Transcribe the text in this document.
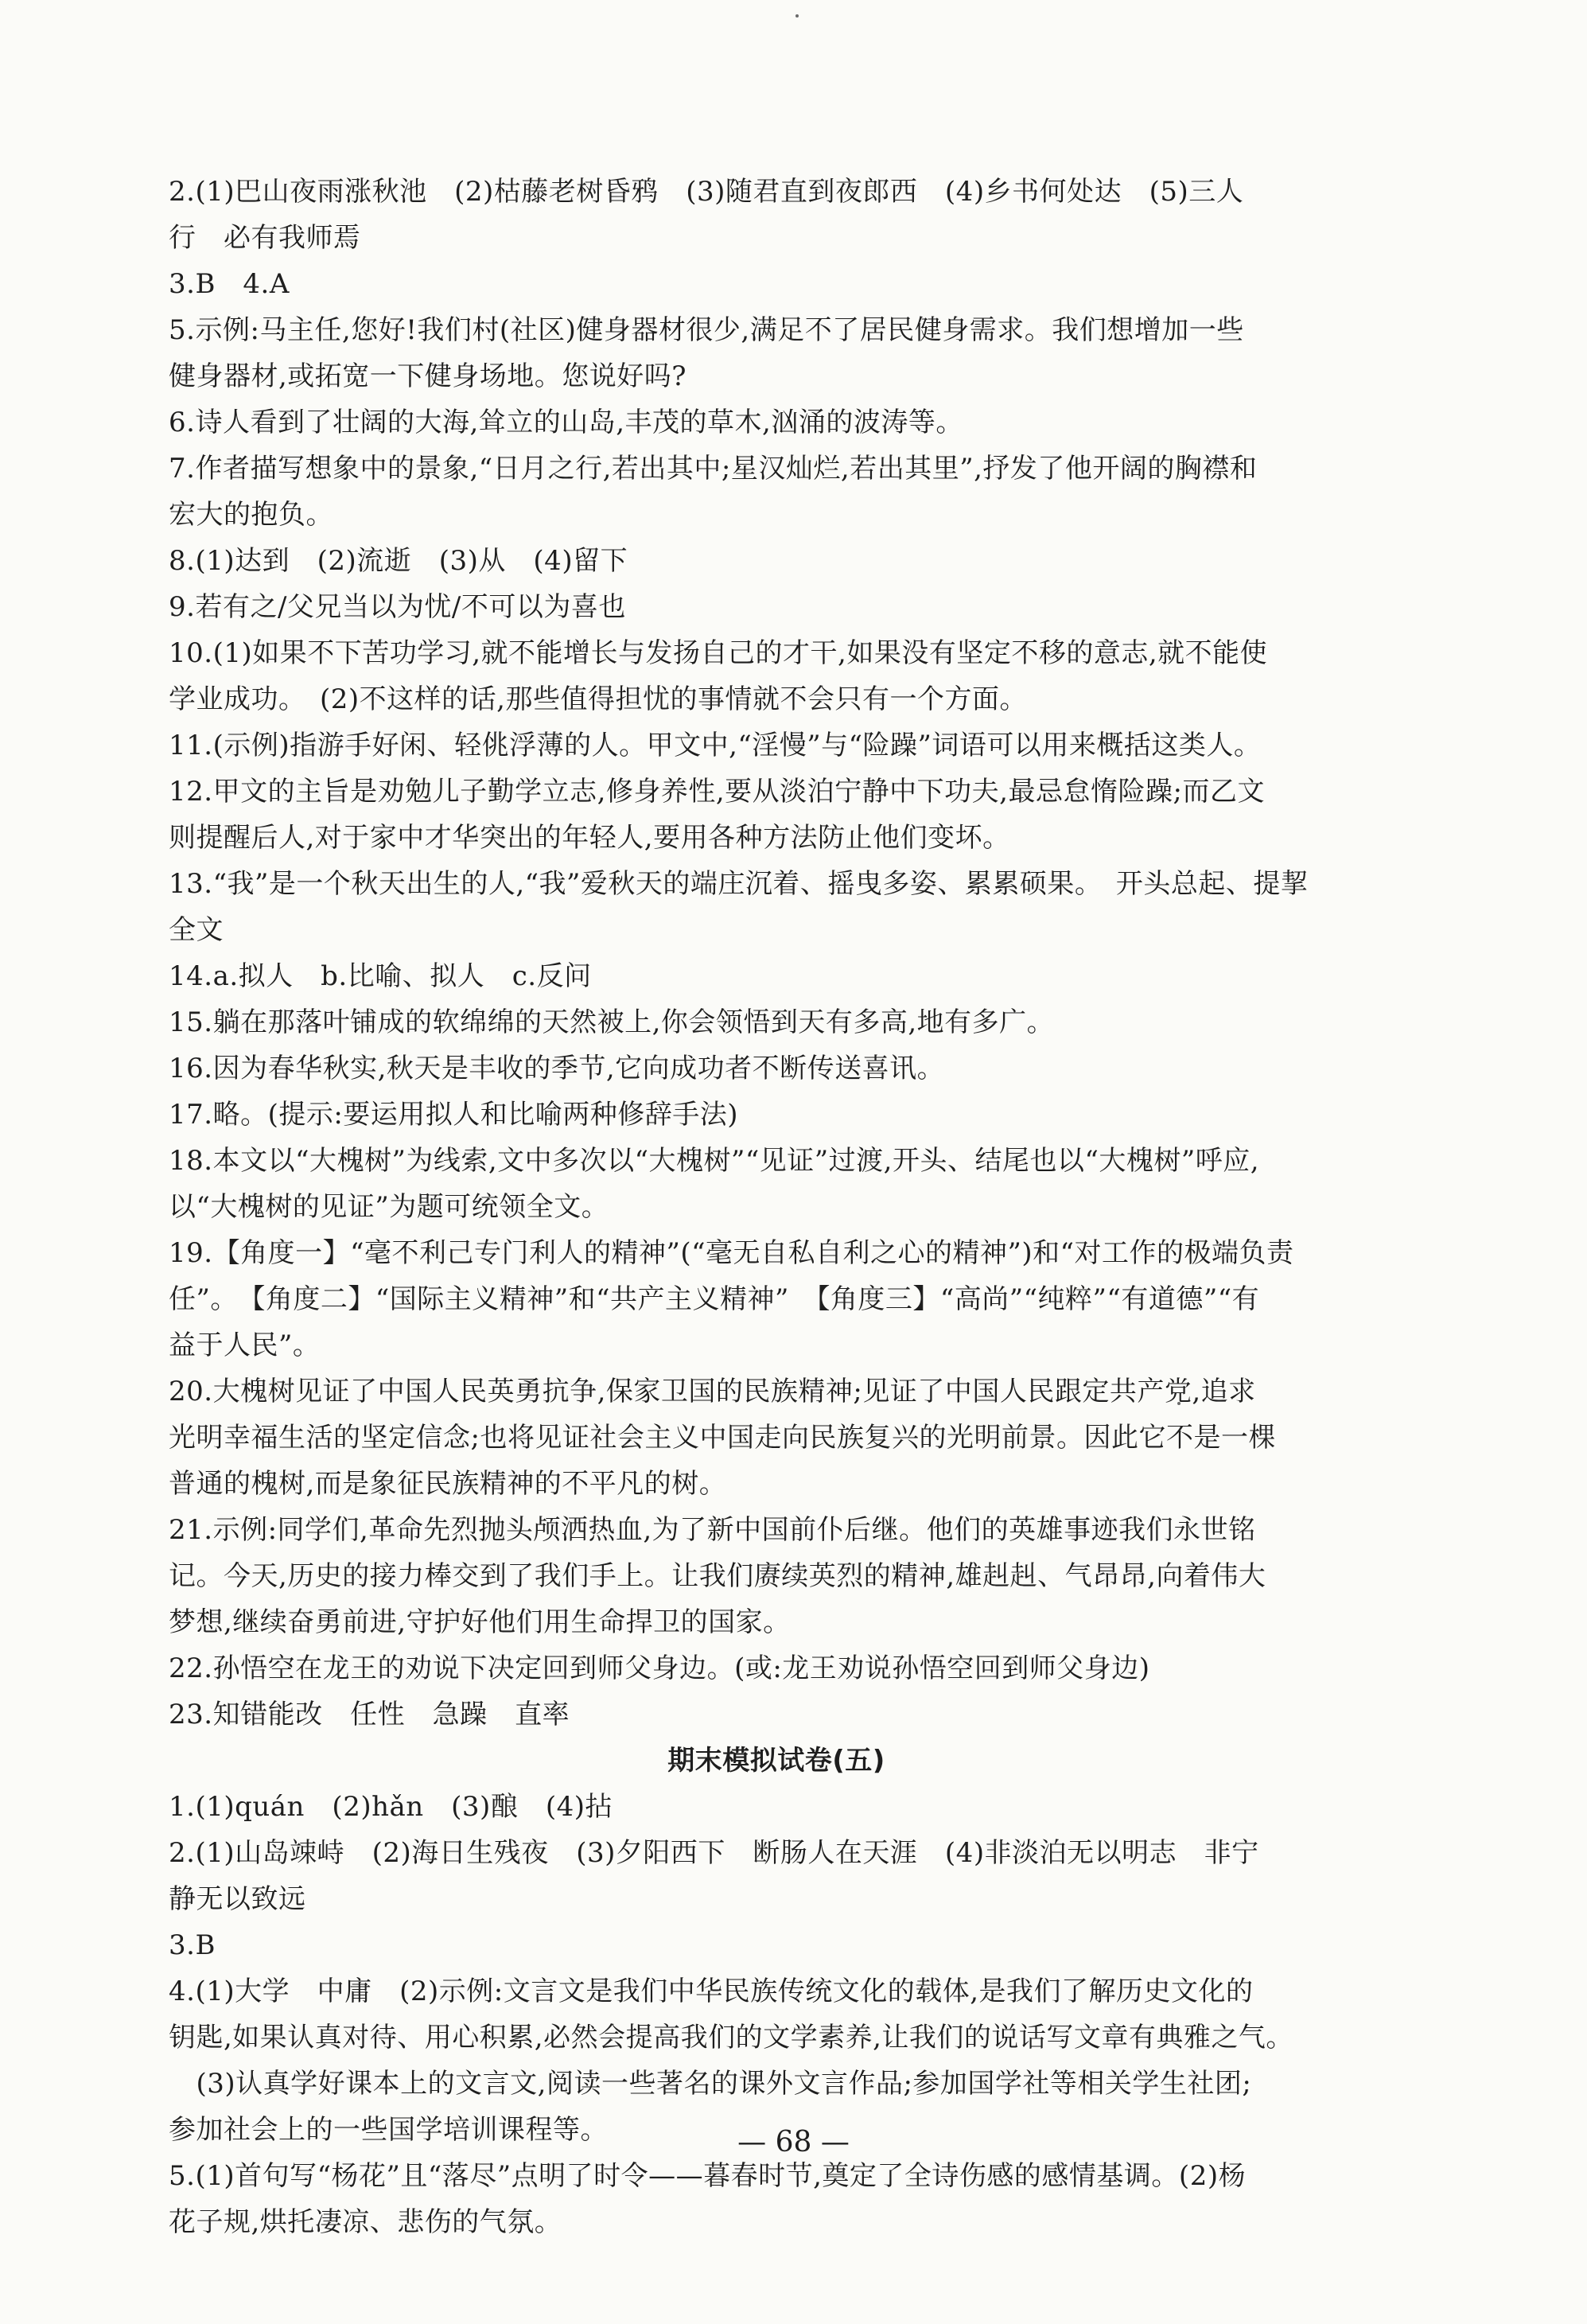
2.(1)巴山夜雨涨秋池　(2)枯藤老树昏鸦　(3)随君直到夜郎西　(4)乡书何处达　(5)三人
行　必有我师焉
3.B　4.A
5.示例:马主任,您好!我们村(社区)健身器材很少,满足不了居民健身需求。我们想增加一些
健身器材,或拓宽一下健身场地。您说好吗?
6.诗人看到了壮阔的大海,耸立的山岛,丰茂的草木,汹涌的波涛等。
7.作者描写想象中的景象,“日月之行,若出其中;星汉灿烂,若出其里”,抒发了他开阔的胸襟和
宏大的抱负。
8.(1)达到　(2)流逝　(3)从　(4)留下
9.若有之/父兄当以为忧/不可以为喜也
10.(1)如果不下苦功学习,就不能增长与发扬自己的才干,如果没有坚定不移的意志,就不能使
学业成功。　(2)不这样的话,那些值得担忧的事情就不会只有一个方面。
11.(示例)指游手好闲、轻佻浮薄的人。甲文中,“淫慢”与“险躁”词语可以用来概括这类人。
12.甲文的主旨是劝勉儿子勤学立志,修身养性,要从淡泊宁静中下功夫,最忌怠惰险躁;而乙文
则提醒后人,对于家中才华突出的年轻人,要用各种方法防止他们变坏。
13.“我”是一个秋天出生的人,“我”爱秋天的端庄沉着、摇曳多姿、累累硕果。　开头总起、提挈
全文
14.a.拟人　b.比喻、拟人　c.反问
15.躺在那落叶铺成的软绵绵的天然被上,你会领悟到天有多高,地有多广。
16.因为春华秋实,秋天是丰收的季节,它向成功者不断传送喜讯。
17.略。(提示:要运用拟人和比喻两种修辞手法)
18.本文以“大槐树”为线索,文中多次以“大槐树”“见证”过渡,开头、结尾也以“大槐树”呼应,
以“大槐树的见证”为题可统领全文。
19.【角度一】“毫不利己专门利人的精神”(“毫无自私自利之心的精神”)和“对工作的极端负责
任”。　【角度二】“国际主义精神”和“共产主义精神”　【角度三】“高尚”“纯粹”“有道德”“有
益于人民”。
20.大槐树见证了中国人民英勇抗争,保家卫国的民族精神;见证了中国人民跟定共产党,追求
光明幸福生活的坚定信念;也将见证社会主义中国走向民族复兴的光明前景。因此它不是一棵
普通的槐树,而是象征民族精神的不平凡的树。
21.示例:同学们,革命先烈抛头颅洒热血,为了新中国前仆后继。他们的英雄事迹我们永世铭
记。今天,历史的接力棒交到了我们手上。让我们赓续英烈的精神,雄赳赳、气昂昂,向着伟大
梦想,继续奋勇前进,守护好他们用生命捍卫的国家。
22.孙悟空在龙王的劝说下决定回到师父身边。(或:龙王劝说孙悟空回到师父身边)
23.知错能改　任性　急躁　直率
期末模拟试卷(五)
1.(1)quán　(2)hǎn　(3)酿　(4)拈
2.(1)山岛竦峙　(2)海日生残夜　(3)夕阳西下　断肠人在天涯　(4)非淡泊无以明志　非宁
静无以致远
3.B
4.(1)大学　中庸　(2)示例:文言文是我们中华民族传统文化的载体,是我们了解历史文化的
钥匙,如果认真对待、用心积累,必然会提高我们的文学素养,让我们的说话写文章有典雅之气。
　(3)认真学好课本上的文言文,阅读一些著名的课外文言作品;参加国学社等相关学生社团;
参加社会上的一些国学培训课程等。
5.(1)首句写“杨花”且“落尽”点明了时令——暮春时节,奠定了全诗伤感的感情基调。(2)杨
花子规,烘托凄凉、悲伤的气氛。
— 68 —
